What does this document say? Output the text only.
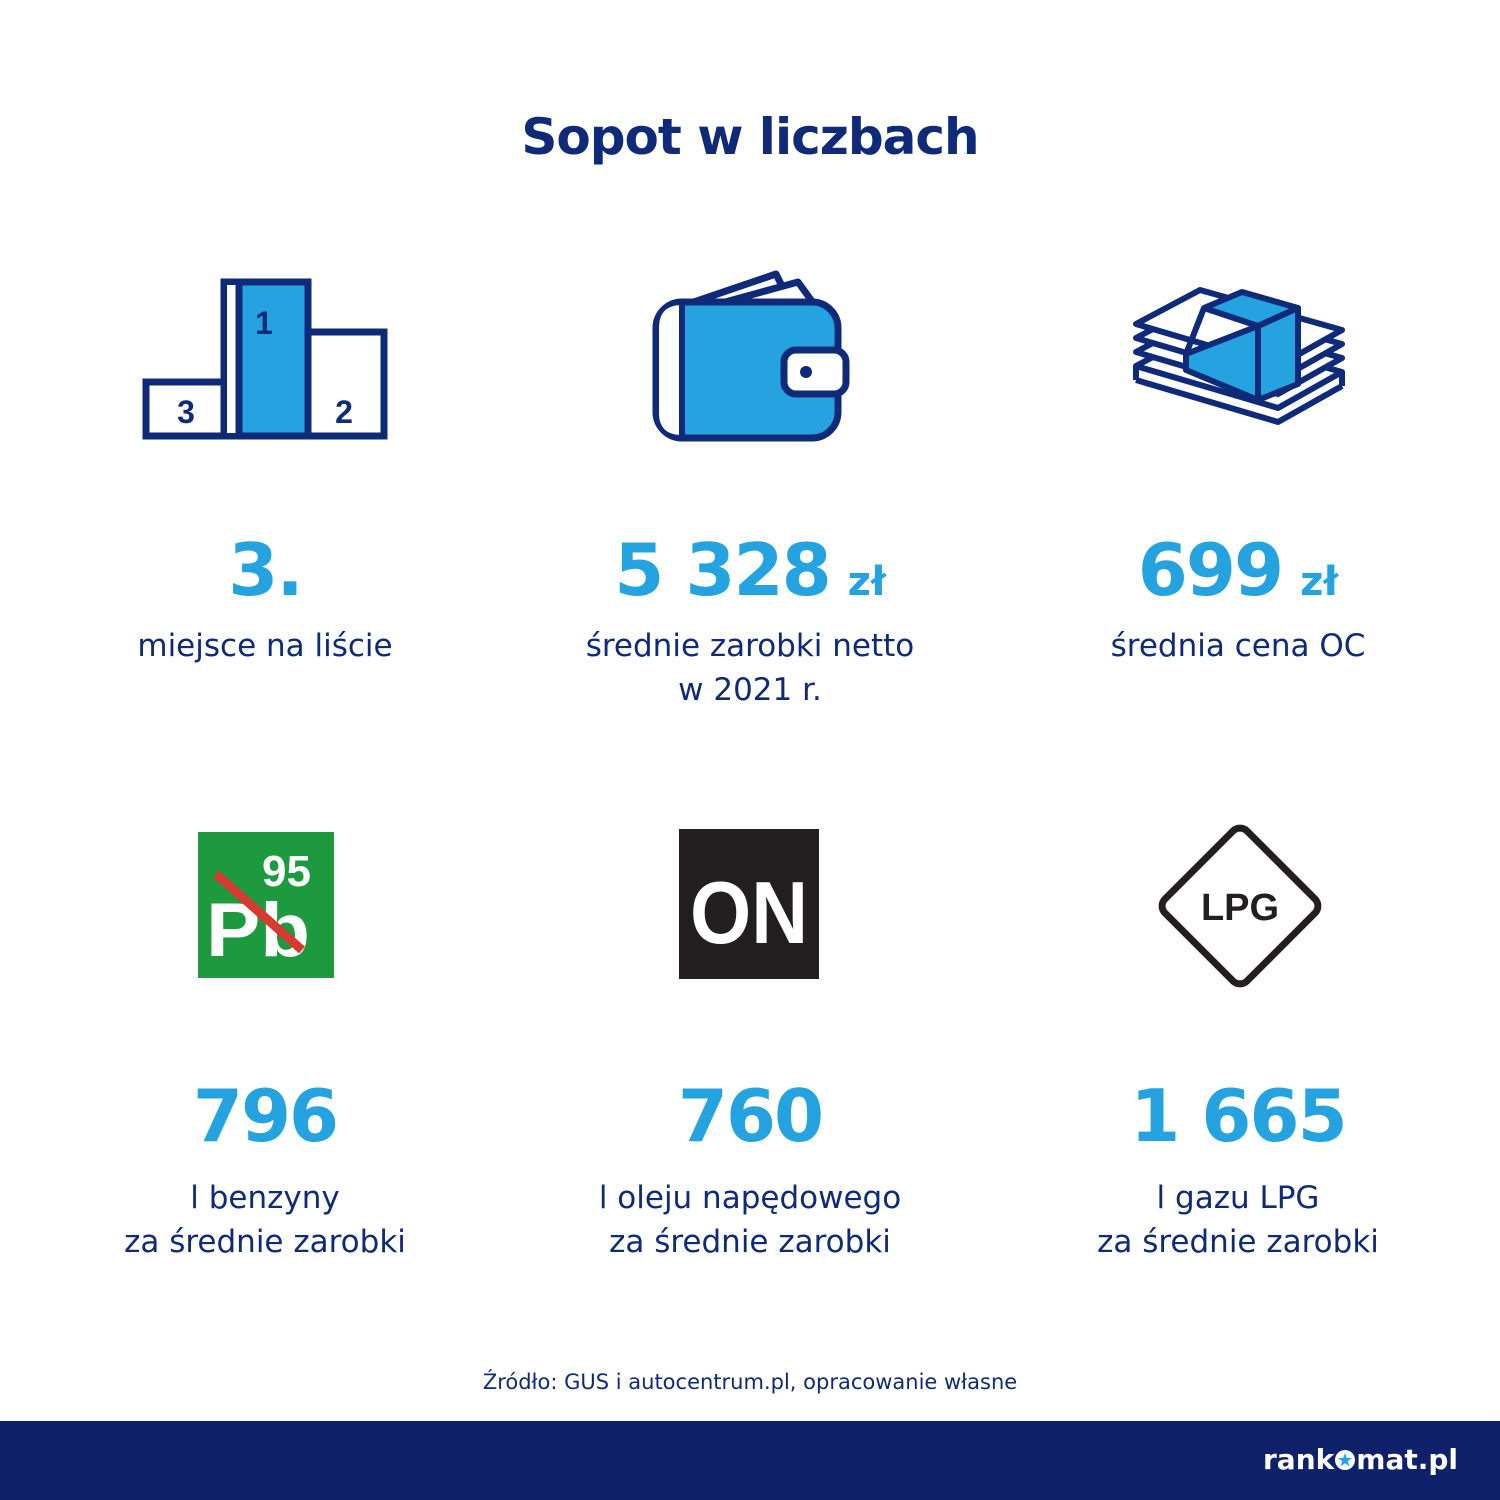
Sopot w liczbach
1
2
3
3.	5 328 zł	699 zł
miejsce na liście	średnie zarobki netto
w 2021 r.
średnia cena OC
Pb
95	ON	LPG
796	760	1 665
l benzyny
za średnie zarobki
l oleju napędowego
za średnie zarobki
l gazu LPG
za średnie zarobki
Źródło: GUS i autocentrum.pl, opracowanie własne
rank mat.pl
